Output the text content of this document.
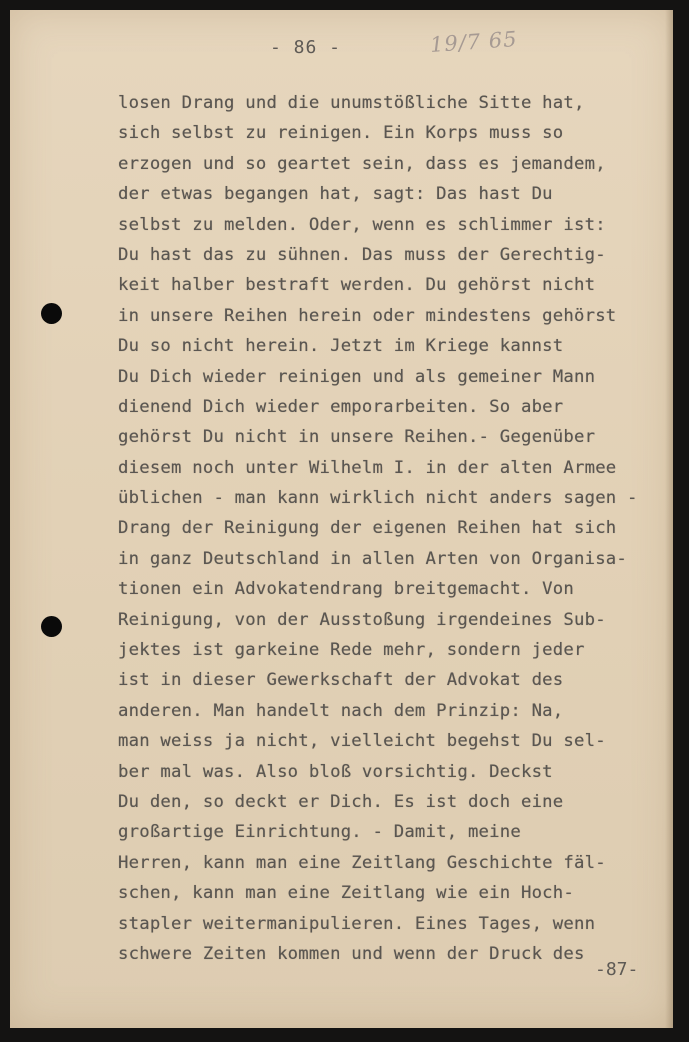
- 86 -	19/7 65
losen Drang und die unumstößliche Sitte hat,
sich selbst zu reinigen. Ein Korps muss so
erzogen und so geartet sein, dass es jemandem,
der etwas begangen hat, sagt: Das hast Du
selbst zu melden. Oder, wenn es schlimmer ist:
Du hast das zu sühnen. Das muss der Gerechtig-
keit halber bestraft werden. Du gehörst nicht
in unsere Reihen herein oder mindestens gehörst
Du so nicht herein. Jetzt im Kriege kannst
Du Dich wieder reinigen und als gemeiner Mann
dienend Dich wieder emporarbeiten. So aber
gehörst Du nicht in unsere Reihen.- Gegenüber
diesem noch unter Wilhelm I. in der alten Armee
üblichen - man kann wirklich nicht anders sagen -
Drang der Reinigung der eigenen Reihen hat sich
in ganz Deutschland in allen Arten von Organisa-
tionen ein Advokatendrang breitgemacht. Von
Reinigung, von der Ausstoßung irgendeines Sub-
jektes ist garkeine Rede mehr, sondern jeder
ist in dieser Gewerkschaft der Advokat des
anderen. Man handelt nach dem Prinzip: Na,
man weiss ja nicht, vielleicht begehst Du sel-
ber mal was. Also bloß vorsichtig. Deckst
Du den, so deckt er Dich. Es ist doch eine
großartige Einrichtung. - Damit, meine
Herren, kann man eine Zeitlang Geschichte fäl-
schen, kann man eine Zeitlang wie ein Hoch-
stapler weitermanipulieren. Eines Tages, wenn
schwere Zeiten kommen und wenn der Druck des
-87-
